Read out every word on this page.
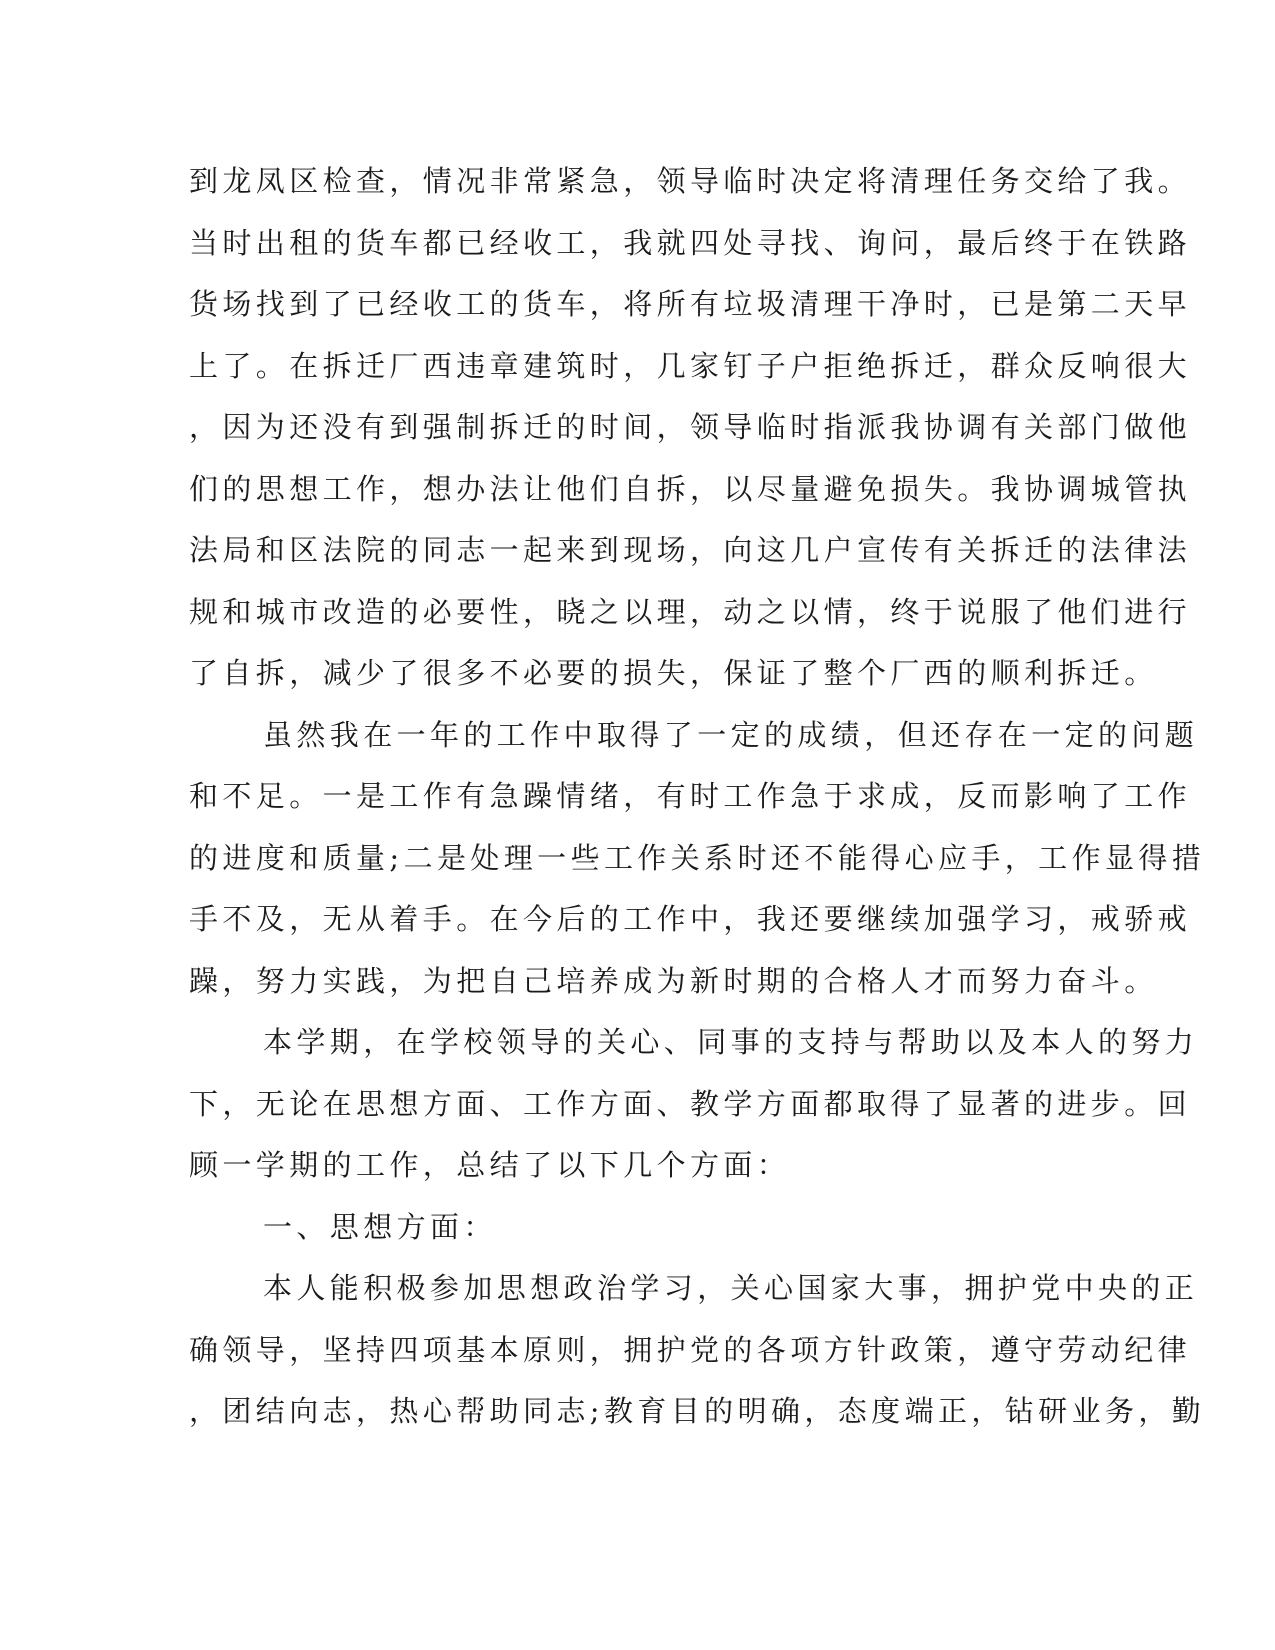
到龙凤区检查，情况非常紧急，领导临时决定将清理任务交给了我。
当时出租的货车都已经收工，我就四处寻找、询问，最后终于在铁路
货场找到了已经收工的货车，将所有垃圾清理干净时，已是第二天早
上了。在拆迁厂西违章建筑时，几家钉子户拒绝拆迁，群众反响很大
，因为还没有到强制拆迁的时间，领导临时指派我协调有关部门做他
们的思想工作，想办法让他们自拆，以尽量避免损失。我协调城管执
法局和区法院的同志一起来到现场，向这几户宣传有关拆迁的法律法
规和城市改造的必要性，晓之以理，动之以情，终于说服了他们进行
了自拆，减少了很多不必要的损失，保证了整个厂西的顺利拆迁。
虽然我在一年的工作中取得了一定的成绩，但还存在一定的问题
和不足。一是工作有急躁情绪，有时工作急于求成，反而影响了工作
的进度和质量;二是处理一些工作关系时还不能得心应手，工作显得措
手不及，无从着手。在今后的工作中，我还要继续加强学习，戒骄戒
躁，努力实践，为把自己培养成为新时期的合格人才而努力奋斗。
本学期，在学校领导的关心、同事的支持与帮助以及本人的努力
下，无论在思想方面、工作方面、教学方面都取得了显著的进步。回
顾一学期的工作，总结了以下几个方面：
一、思想方面：
本人能积极参加思想政治学习，关心国家大事，拥护党中央的正
确领导，坚持四项基本原则，拥护党的各项方针政策，遵守劳动纪律
，团结向志，热心帮助同志;教育目的明确，态度端正，钻研业务，勤
